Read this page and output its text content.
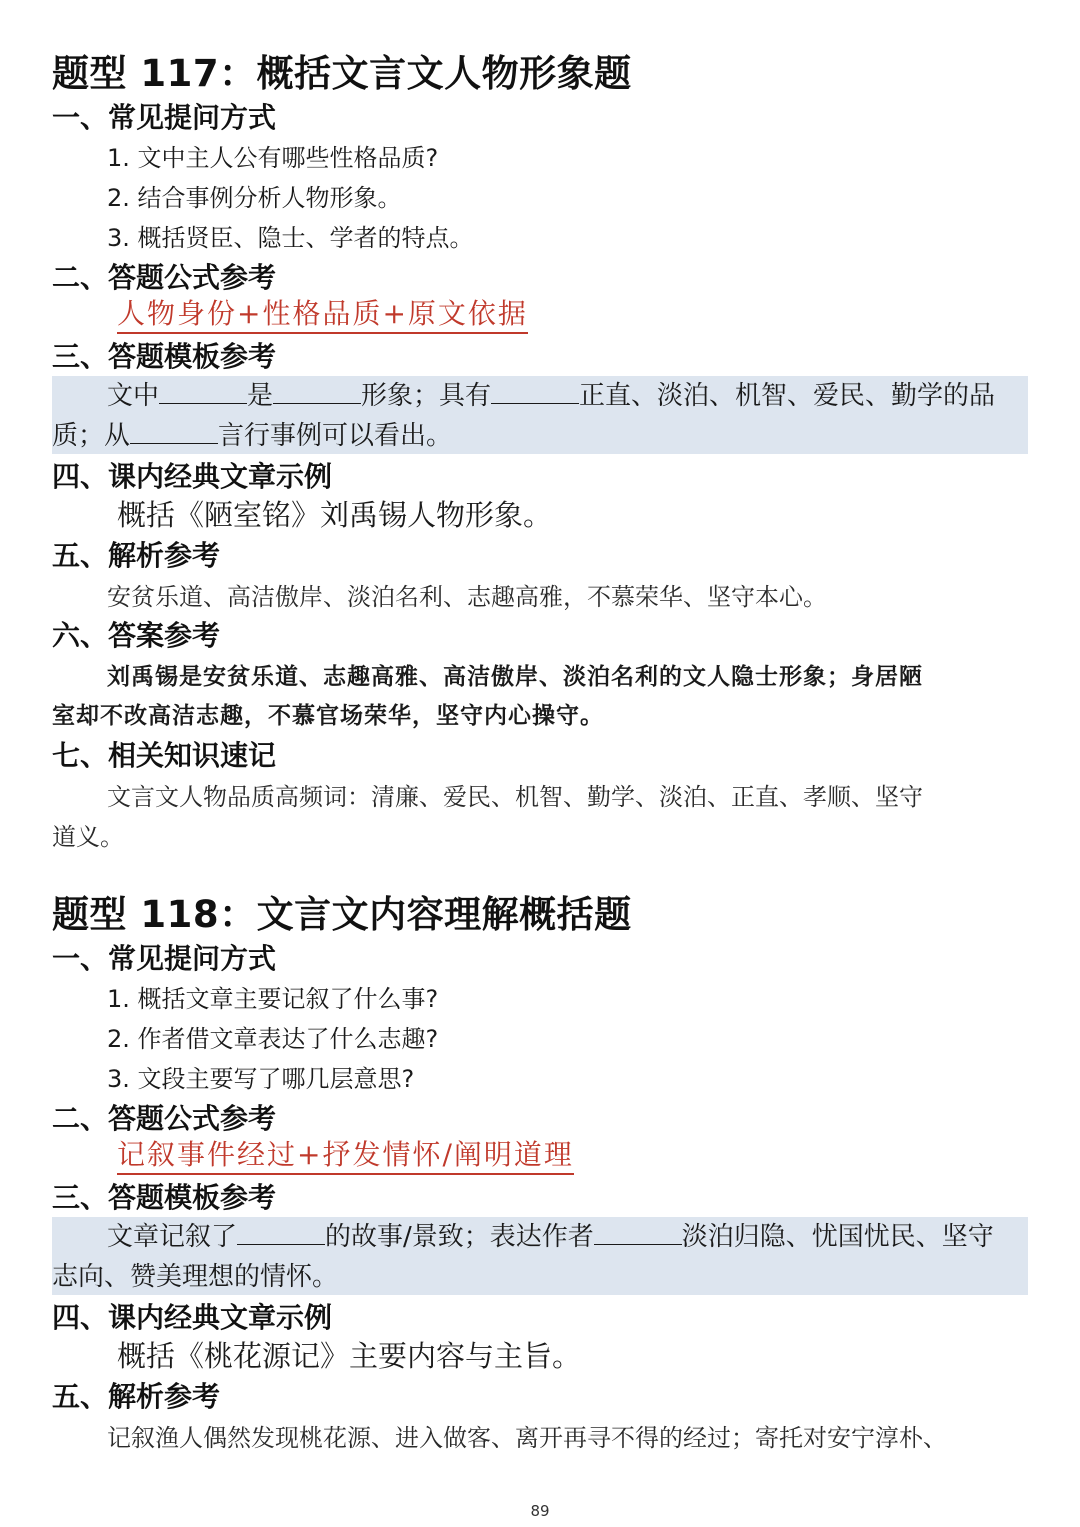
题型 117：概括文言文人物形象题
一、常见提问方式
1. 文中主人公有哪些性格品质?
2. 结合事例分析人物形象。
3. 概括贤臣、隐士、学者的特点。
二、答题公式参考
人物身份+性格品质+原文依据
三、答题模板参考
文中	是	形象；具有	正直、淡泊、机智、爱民、勤学的品
质；从	言行事例可以看出。
四、课内经典文章示例
概括《陋室铭》刘禹锡人物形象。
五、解析参考
安贫乐道、高洁傲岸、淡泊名利、志趣高雅，不慕荣华、坚守本心。
六、答案参考
刘禹锡是安贫乐道、志趣高雅、高洁傲岸、淡泊名利的文人隐士形象；身居陋
室却不改高洁志趣，不慕官场荣华，坚守内心操守。
七、相关知识速记
文言文人物品质高频词：清廉、爱民、机智、勤学、淡泊、正直、孝顺、坚守
道义。
题型 118：文言文内容理解概括题
一、常见提问方式
1. 概括文章主要记叙了什么事?
2. 作者借文章表达了什么志趣?
3. 文段主要写了哪几层意思?
二、答题公式参考
记叙事件经过+抒发情怀/阐明道理
三、答题模板参考
文章记叙了	的故事/景致；表达作者	淡泊归隐、忧国忧民、坚守
志向、赞美理想的情怀。
四、课内经典文章示例
概括《桃花源记》主要内容与主旨。
五、解析参考
记叙渔人偶然发现桃花源、进入做客、离开再寻不得的经过；寄托对安宁淳朴、
89
